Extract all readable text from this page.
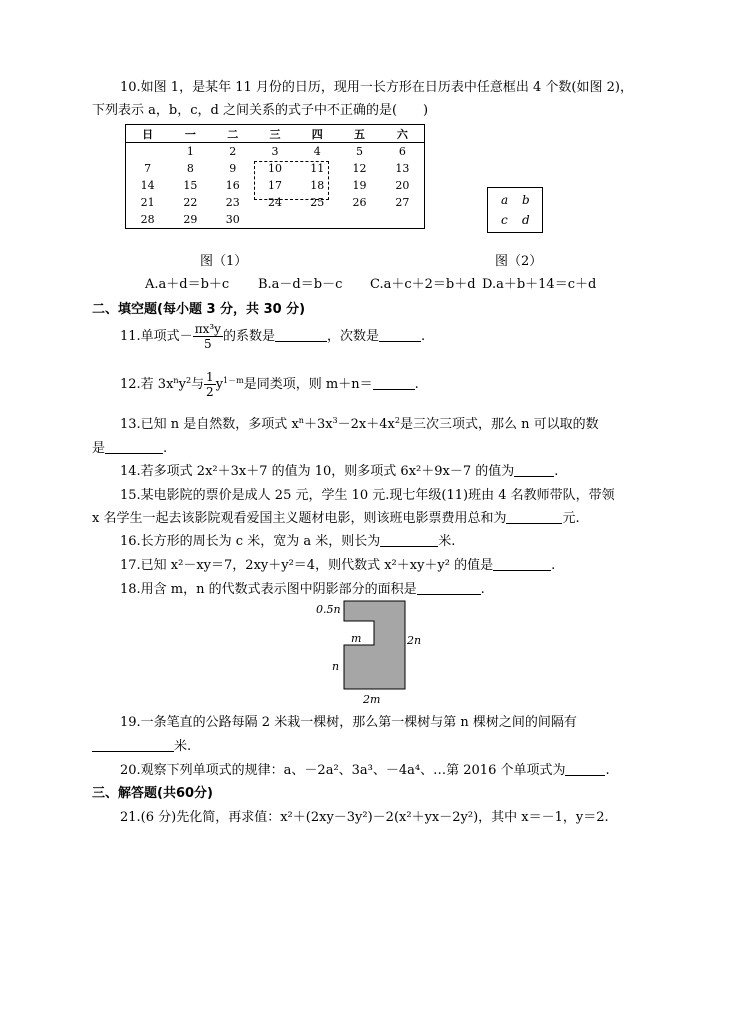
10.如图 1，是某年 11 月份的日历，现用一长方形在日历表中任意框出 4 个数(如图 2)，
下列表示 a，b，c，d 之间关系的式子中不正确的是(　　)
日	一	二	三	四	五	六
	1	2	3	4	5	6
7	8	9	10	11	12	13
14	15	16	17	18	19	20
21	22	23	24	25	26	27
28	29	30				
a b
c d
图（1）	图（2）
A.a＋d＝b＋c B.a－d＝b－c C.a＋c＋2＝b＋d D.a＋b＋14＝c＋d
二、填空题(每小题 3 分，共 30 分)
11.单项式－ $\frac{\text{πx³y}}{5}$ 的系数是	，次数是	.
12.若 $3x^ny^2$与 $\frac{1}{2} y^{1-m}$是同类项，则 m＋n＝	.
13.已知 n 是自然数，多项式 $x^n+3x^3-2x+4x^2$是三次三项式，那么 n 可以取的数
是	.
14.若多项式 2x²＋3x＋7 的值为 10，则多项式 6x²＋9x－7 的值为	.
15.某电影院的票价是成人 25 元，学生 10 元.现七年级(11)班由 4 名教师带队，带领
x 名学生一起去该影院观看爱国主义题材电影，则该班电影票费用总和为	元.
16.长方形的周长为 c 米，宽为 a 米，则长为	米.
17.已知 x²－xy＝7，2xy＋y²＝4，则代数式 x²＋xy＋y² 的值是	.
18.用含 m，n 的代数式表示图中阴影部分的面积是	.
0.5n
m	2n
n
2m
19.一条笔直的公路每隔 2 米栽一棵树，那么第一棵树与第 n 棵树之间的间隔有
米.
20.观察下列单项式的规律：a、－2a²、3a³、－4a⁴、…第 2016 个单项式为	.
三、解答题(共60分)
21.(6 分)先化简，再求值：x²＋(2xy－3y²)－2(x²＋yx－2y²)，其中 x＝－1，y＝2.
